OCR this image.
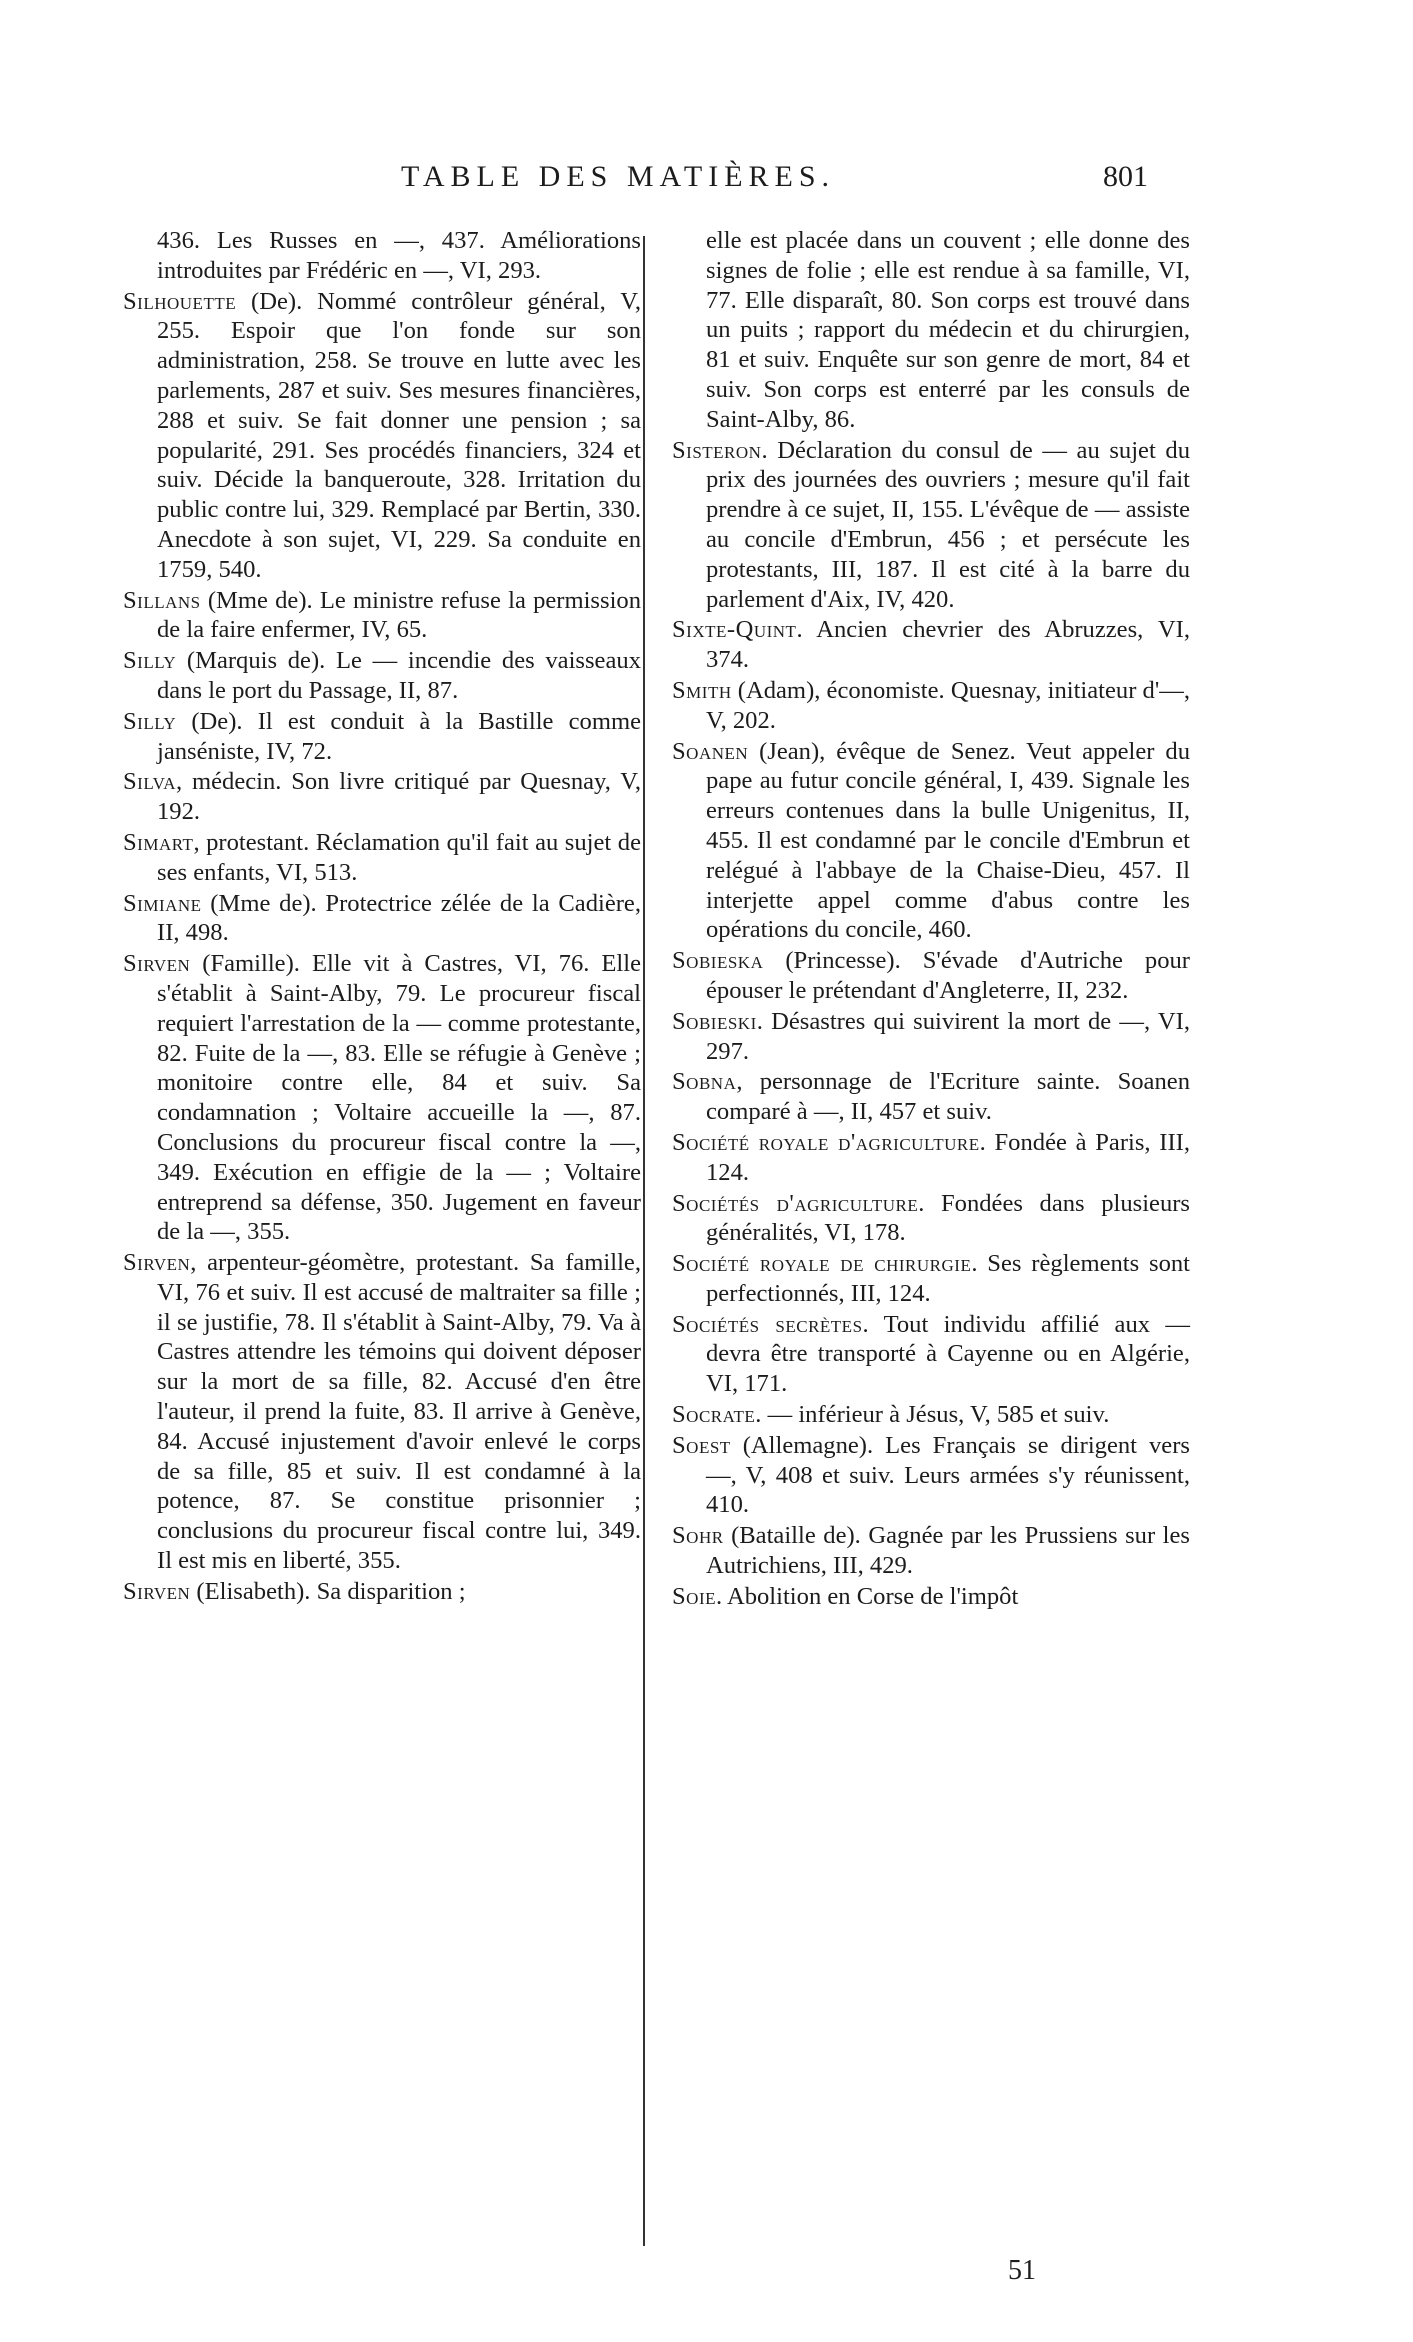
TABLE DES MATIÈRES.	801
436. Les Russes en —, 437. Améliorations introduites par Frédéric en —, VI, 293.
Silhouette (De). Nommé contrôleur général, V, 255. Espoir que l'on fonde sur son administration, 258. Se trouve en lutte avec les parlements, 287 et suiv. Ses mesures financières, 288 et suiv. Se fait donner une pension ; sa popularité, 291. Ses procédés financiers, 324 et suiv. Décide la banqueroute, 328. Irritation du public contre lui, 329. Remplacé par Bertin, 330. Anecdote à son sujet, VI, 229. Sa conduite en 1759, 540.
Sillans (Mme de). Le ministre refuse la permission de la faire enfermer, IV, 65.
Silly (Marquis de). Le — incendie des vaisseaux dans le port du Passage, II, 87.
Silly (De). Il est conduit à la Bastille comme janséniste, IV, 72.
Silva, médecin. Son livre critiqué par Quesnay, V, 192.
Simart, protestant. Réclamation qu'il fait au sujet de ses enfants, VI, 513.
Simiane (Mme de). Protectrice zélée de la Cadière, II, 498.
Sirven (Famille). Elle vit à Castres, VI, 76. Elle s'établit à Saint-Alby, 79. Le procureur fiscal requiert l'arrestation de la — comme protestante, 82. Fuite de la —, 83. Elle se réfugie à Genève ; monitoire contre elle, 84 et suiv. Sa condamnation ; Voltaire accueille la —, 87. Conclusions du procureur fiscal contre la —, 349. Exécution en effigie de la — ; Voltaire entreprend sa défense, 350. Jugement en faveur de la —, 355.
Sirven, arpenteur-géomètre, protestant. Sa famille, VI, 76 et suiv. Il est accusé de maltraiter sa fille ; il se justifie, 78. Il s'établit à Saint-Alby, 79. Va à Castres attendre les témoins qui doivent déposer sur la mort de sa fille, 82. Accusé d'en être l'auteur, il prend la fuite, 83. Il arrive à Genève, 84. Accusé injustement d'avoir enlevé le corps de sa fille, 85 et suiv. Il est condamné à la potence, 87. Se constitue prisonnier ; conclusions du procureur fiscal contre lui, 349. Il est mis en liberté, 355.
Sirven (Elisabeth). Sa disparition ;
elle est placée dans un couvent ; elle donne des signes de folie ; elle est rendue à sa famille, VI, 77. Elle disparaît, 80. Son corps est trouvé dans un puits ; rapport du médecin et du chirurgien, 81 et suiv. Enquête sur son genre de mort, 84 et suiv. Son corps est enterré par les consuls de Saint-Alby, 86.
Sisteron. Déclaration du consul de — au sujet du prix des journées des ouvriers ; mesure qu'il fait prendre à ce sujet, II, 155. L'évêque de — assiste au concile d'Embrun, 456 ; et persécute les protestants, III, 187. Il est cité à la barre du parlement d'Aix, IV, 420.
Sixte-Quint. Ancien chevrier des Abruzzes, VI, 374.
Smith (Adam), économiste. Quesnay, initiateur d'—, V, 202.
Soanen (Jean), évêque de Senez. Veut appeler du pape au futur concile général, I, 439. Signale les erreurs contenues dans la bulle Unigenitus, II, 455. Il est condamné par le concile d'Embrun et relégué à l'abbaye de la Chaise-Dieu, 457. Il interjette appel comme d'abus contre les opérations du concile, 460.
Sobieska (Princesse). S'évade d'Autriche pour épouser le prétendant d'Angleterre, II, 232.
Sobieski. Désastres qui suivirent la mort de —, VI, 297.
Sobna, personnage de l'Ecriture sainte. Soanen comparé à —, II, 457 et suiv.
Société royale d'agriculture. Fondée à Paris, III, 124.
Sociétés d'agriculture. Fondées dans plusieurs généralités, VI, 178.
Société royale de chirurgie. Ses règlements sont perfectionnés, III, 124.
Sociétés secrètes. Tout individu affilié aux — devra être transporté à Cayenne ou en Algérie, VI, 171.
Socrate. — inférieur à Jésus, V, 585 et suiv.
Soest (Allemagne). Les Français se dirigent vers —, V, 408 et suiv. Leurs armées s'y réunissent, 410.
Sohr (Bataille de). Gagnée par les Prussiens sur les Autrichiens, III, 429.
Soie. Abolition en Corse de l'impôt
51
